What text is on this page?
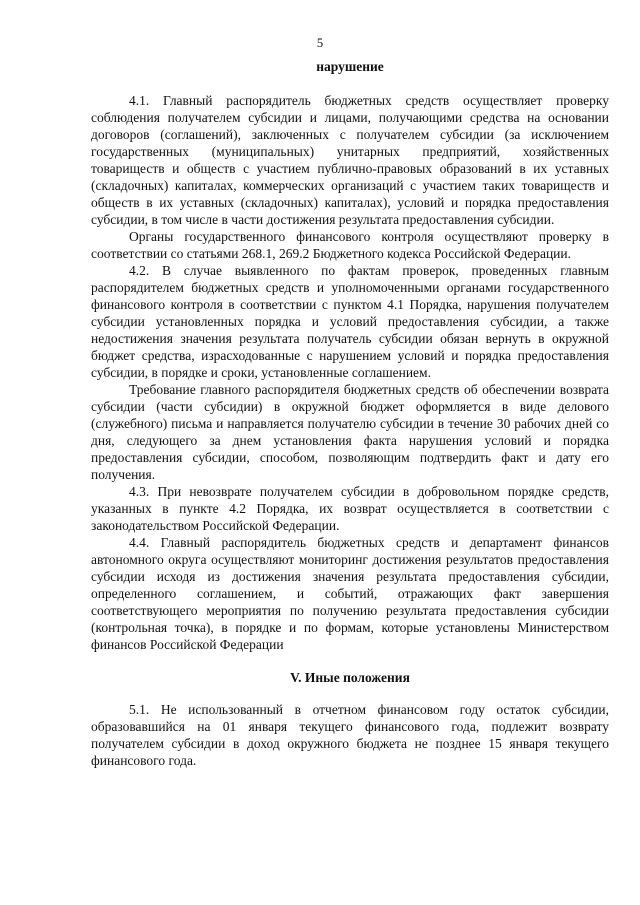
5
нарушение

4.1. Главный распорядитель бюджетных средств осуществляет проверку соблюдения получателем субсидии и лицами, получающими средства на основании договоров (соглашений), заключенных с получателем субсидии (за исключением государственных (муниципальных) унитарных предприятий, хозяйственных товариществ и обществ с участием публично-правовых образований в их уставных (складочных) капиталах, коммерческих организаций с участием таких товариществ и обществ в их уставных (складочных) капиталах), условий и порядка предоставления субсидии, в том числе в части достижения результата предоставления субсидии.

Органы государственного финансового контроля осуществляют проверку в соответствии со статьями 268.1, 269.2 Бюджетного кодекса Российской Федерации.

4.2. В случае выявленного по фактам проверок, проведенных главным распорядителем бюджетных средств и уполномоченными органами государственного финансового контроля в соответствии с пунктом 4.1 Порядка, нарушения получателем субсидии установленных порядка и условий предоставления субсидии, а также недостижения значения результата получатель субсидии обязан вернуть в окружной бюджет средства, израсходованные с нарушением условий и порядка предоставления субсидии, в порядке и сроки, установленные соглашением.

Требование главного распорядителя бюджетных средств об обеспечении возврата субсидии (части субсидии) в окружной бюджет оформляется в виде делового (служебного) письма и направляется получателю субсидии в течение 30 рабочих дней со дня, следующего за днем установления факта нарушения условий и порядка предоставления субсидии, способом, позволяющим подтвердить факт и дату его получения.

4.3. При невозврате получателем субсидии в добровольном порядке средств, указанных в пункте 4.2 Порядка, их возврат осуществляется в соответствии с законодательством Российской Федерации.

4.4. Главный распорядитель бюджетных средств и департамент финансов автономного округа осуществляют мониторинг достижения результатов предоставления субсидии исходя из достижения значения результата предоставления субсидии, определенного соглашением, и событий, отражающих факт завершения соответствующего мероприятия по получению результата предоставления субсидии (контрольная точка), в порядке и по формам, которые установлены Министерством финансов Российской Федерации

V. Иные положения

5.1. Не использованный в отчетном финансовом году остаток субсидии, образовавшийся на 01 января текущего финансового года, подлежит возврату получателем субсидии в доход окружного бюджета не позднее 15 января текущего финансового года.
